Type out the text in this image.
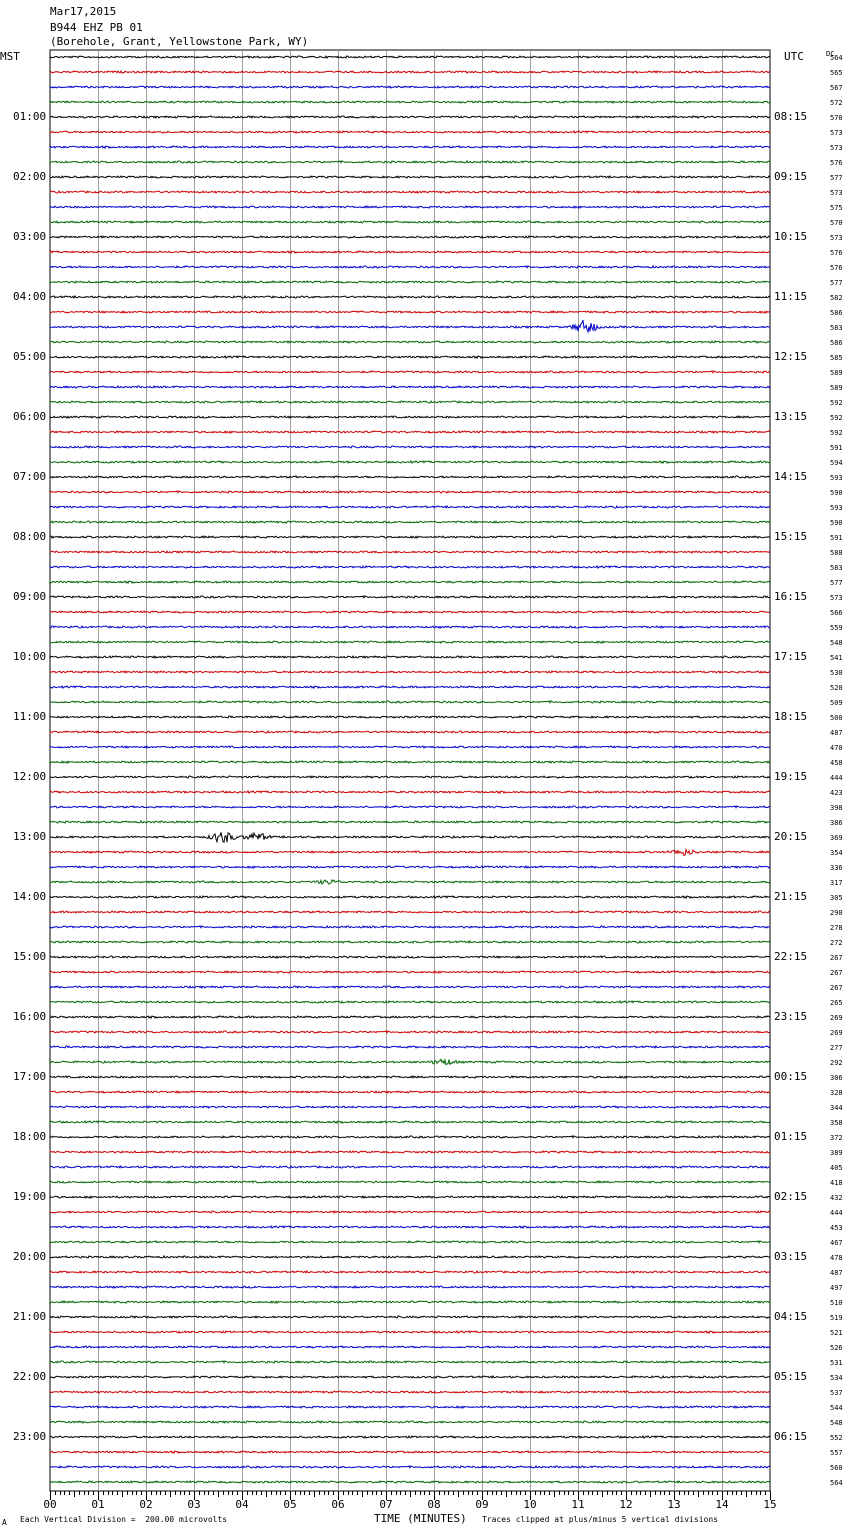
Mar17,2015
B944 EHZ PB 01
(Borehole, Grant, Yellowstone Park, WY)
MST	UTC	DC
00	01	02	03	04	05	06	07	08	09	10	11	12	13	14	15
01:00
02:00
03:00
04:00
05:00
06:00
07:00
08:00
09:00
10:00
11:00
12:00
13:00
14:00
15:00
16:00
17:00
18:00
19:00
20:00
21:00
22:00
23:00
08:15
09:15
10:15
11:15
12:15
13:15
14:15
15:15
16:15
17:15
18:15
19:15
20:15
21:15
22:15
23:15
00:15
01:15
02:15
03:15
04:15
05:15
06:15
564
565
567
572
570
573
573
576
577
573
575
570
573
576
576
577
582
586
583
586
585
589
589
592
592
592
591
594
593
590
593
590
591
588
583
577
573
566
559
548
541
530
520
509
500
487
470
458
444
423
398
386
369
354
336
317
305
290
278
272
267
267
267
265
269
269
277
292
306
328
344
358
372
389
405
418
432
444
453
467
478
487
497
510
519
521
526
531
534
537
544
548
552
557
560
564
A Each Vertical Division =  200.00 microvolts	TIME (MINUTES) Traces clipped at plus/minus 5 vertical divisions
